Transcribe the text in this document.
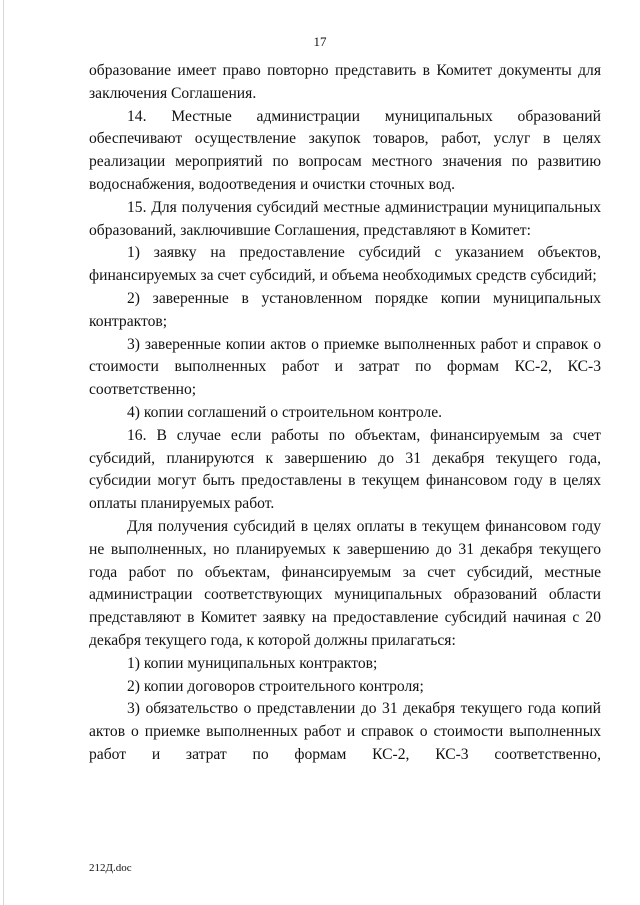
17

образование имеет право повторно представить в Комитет документы для заключения Соглашения.

14. Местные администрации муниципальных образований обеспечивают осуществление закупок товаров, работ, услуг в целях реализации мероприятий по вопросам местного значения по развитию водоснабжения, водоотведения и очистки сточных вод.

15. Для получения субсидий местные администрации муниципальных образований, заключившие Соглашения, представляют в Комитет:

1) заявку на предоставление субсидий с указанием объектов, финансируемых за счет субсидий, и объема необходимых средств субсидий;

2) заверенные в установленном порядке копии муниципальных контрактов;

3) заверенные копии актов о приемке выполненных работ и справок о стоимости выполненных работ и затрат по формам КС-2, КС-3 соответственно;

4) копии соглашений о строительном контроле.

16. В случае если работы по объектам, финансируемым за счет субсидий, планируются к завершению до 31 декабря текущего года, субсидии могут быть предоставлены в текущем финансовом году в целях оплаты планируемых работ.

Для получения субсидий в целях оплаты в текущем финансовом году не выполненных, но планируемых к завершению до 31 декабря текущего года работ по объектам, финансируемым за счет субсидий, местные администрации соответствующих муниципальных образований области представляют в Комитет заявку на предоставление субсидий начиная с 20 декабря текущего года, к которой должны прилагаться:

1) копии муниципальных контрактов;

2) копии договоров строительного контроля;

3) обязательство о представлении до 31 декабря текущего года копий актов о приемке выполненных работ и справок о стоимости выполненных работ и затрат по формам КС-2, КС-3 соответственно,

212Д.doc
